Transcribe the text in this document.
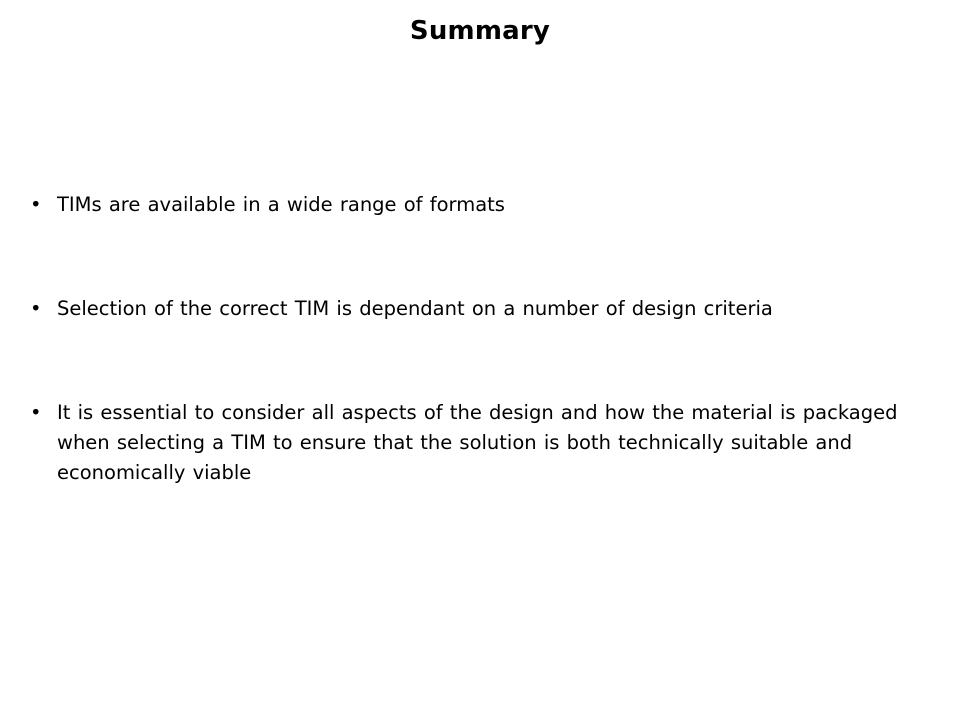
Summary
• TIMs are available in a wide range of formats
• Selection of the correct TIM is dependant on a number of design criteria
• It is essential to consider all aspects of the design and how the material is packaged when selecting a TIM to ensure that the solution is both technically suitable and economically viable
